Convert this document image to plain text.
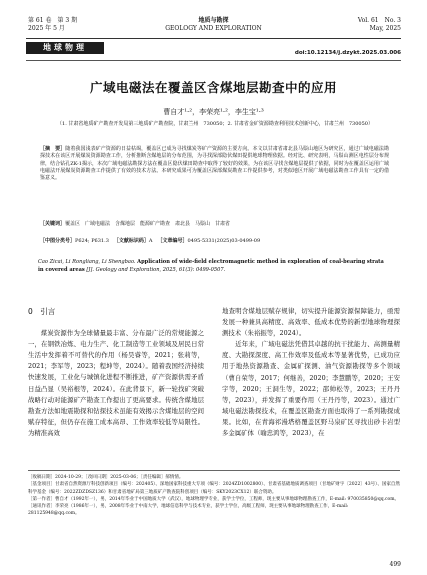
第 61 卷　第 3 期
2025 年 5 月
地质与勘探
GEOLOGY AND EXPLORATION
Vol. 61　No. 3
May, 2025
地球物理
doi:10.12134/j.dzykt.2025.03.006
广域电磁法在覆盖区含煤地层勘查中的应用
曹自才¹·²，李荣亮¹·²，李生宝¹·³
（1. 甘肃省地质矿产勘查开发局第三地质矿产勘查院，甘肃兰州　730050；2. 甘肃省金矿资源勘查利用技术创新中心，甘肃兰州　730050）
［摘　要］随着我国浅表矿产资源的日益枯竭，覆盖区已成为寻找煤炭等矿产资源的主要方向。本文以甘肃省肃北县马鬃山地区为研究区，通过广域电磁法勘探技术在该区开展煤炭资源勘查工作，分析推断含煤地层的分布范围，为寻找深部隐伏煤田提供地球物理依据。经对比、研究表明，马鬃山测区电性层分布规律，结合钻孔ZK-1揭示，本次广域电磁法勘探方法在覆盖区隐伏煤田勘查中取得了较好的效果，为在该区寻找含煤地层提供了依据，同时为在覆盖区运用广域电磁法开展煤炭资源勘查工作提供了有效的技术方法。本研究成果可为覆盖区深部煤炭勘查工作提供参考，对类似地区开展广域电磁法勘查工作具有一定的借鉴意义。
［关键词］覆盖区　广域电磁法　含煤地层　能源矿产勘查　肃北县　马鬃山　甘肃省
［中图分类号］P624; P631.3  ［文献标识码］A  ［文章编号］0495-5331(2025)03-0499-09
Cao Zicai, Li Rongliang, Li Shengbao. Application of wide-field electromagnetic method in exploration of coal-bearing strata in covered areas [J]. Geology and Exploration, 2025, 61(3): 0499-0507.
0　引言
煤炭资源作为全球储量最丰富、分布最广泛的常规能源之一，在钢铁冶炼、电力生产、化工制造等工业领域及居民日常生活中发挥着不可替代的作用（杨昊睿等，2021；张莉等，2021；李军等，2023；程坤等，2024）。随着我国经济持续快速发展，工业化与城镇化进程不断推进，矿产资源供需矛盾日益凸显（吴裕根等，2024）。在此背景下，新一轮找矿突破战略行动对能源矿产勘查工作提出了更高要求。传统含煤地层勘查方法如地震勘探和钻探技术虽能有效揭示含煤地层的空间赋存特征，但仍存在施工成本高昂、工作效率较低等局限性。为精准高效
地查明含煤地层赋存规律，切实提升能源资源保障能力，亟需发展一种兼具高精度、高效率、低成本优势的新型地球物理探测技术（朱裕振等，2024）。
　　近年来，广域电磁法凭借其卓越的抗干扰能力、高测量精度、大勘探深度、高工作效率及低成本等显著优势，已成功应用于地热资源勘查、金属矿探测、油气资源勘探等多个领域（曹自荣等，2017；何继善，2020；李慧鹏等，2020；王安宇等，2020；王洞生等，2022；邵帅松等，2023；王丹丹等，2023），并发挥了重要作用（王丹丹等，2023）。通过广域电磁法勘探技术，在覆盖区勘查方面也取得了一系列勘探成果。比如，在青海祁漫塔格覆盖区野马泉矿区寻找出砂卡岩型多金属矿体（喻忠鸿等，2023），在

［收稿日期］2024-10-29；［改回日期］2025-03-06；［责任编辑］郝情情。

［基金项目］甘肃省自然资源厅科技创新项目（编号：202405）、深地国家科技重大专项（编号：2024ZD1002800）、甘肃省基础地质调查项目（甘地矿财字〔2022〕43号）、国家自然科学基金（编号：2022ZDZDSZ136）和甘肃省地矿局第三地质矿产勘查院科创项目（编号：SKY2023CX12）联合资助。

［第一作者］曹自才（1992年一），男，2014年毕业于中国地质大学（武汉），地球物理学专业，获学士学位，工程师，现主要从事地球物理勘查工作，E-mail: 970035850@qq.com。

［通讯作者］李荣亮（1986年一），男，2008年毕业于中南大学，地球信息科学与技术专业，获学士学位，高级工程师，现主要从事地球物理勘查工作，E-mail: 281125948@qq.com。

499
